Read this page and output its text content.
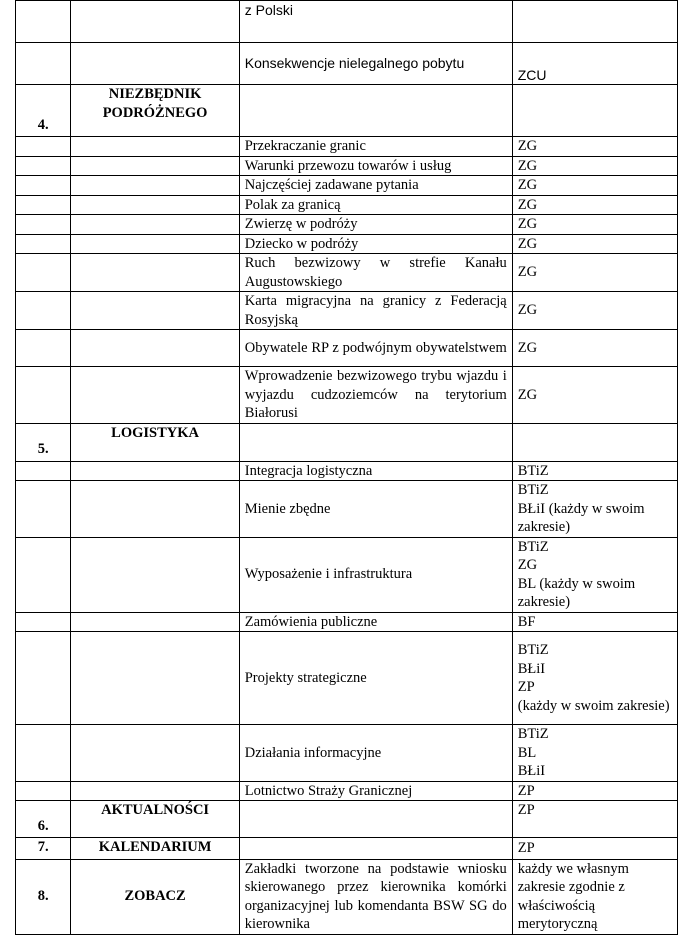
		z Polski	
		Konsekwencje nielegalnego pobytu	ZCU

4.	NIEZBĘDNIK PODRÓŻNEGO		
		Przekraczanie granic	ZG

		Warunki przewozu towarów i usług	ZG

		Najczęściej zadawane pytania	ZG

		Polak za granicą	ZG

		Zwierzę w podróży	ZG

		Dziecko w podróży	ZG

		Ruch bezwizowy w strefie Kanału Augustowskiego	ZG

		Karta migracyjna na granicy z Federacją Rosyjską	ZG

		Obywatele RP z podwójnym obywatelstwem	ZG

		Wprowadzenie bezwizowego trybu wjazdu i wyjazdu cudzoziemców na terytorium Białorusi	ZG

5.	LOGISTYKA		
		Integracja logistyczna	BTiZ

		Mienie zbędne	BTiZ
BŁiI (każdy w swoim zakresie)

		Wyposażenie i infrastruktura	BTiZ
ZG
BL (każdy w swoim zakresie)

		Zamówienia publiczne	BF

		Projekty strategiczne	BTiZ
BŁiI
ZP
(każdy w swoim zakresie)

		Działania informacyjne	BTiZ
BL
BŁiI

		Lotnictwo Straży Granicznej	ZP

6.	AKTUALNOŚCI		ZP

7.	KALENDARIUM		ZP

8.	ZOBACZ	Zakładki tworzone na podstawie wniosku skierowanego przez kierownika komórki organizacyjnej lub komendanta BSW SG do kierownika	każdy we własnym zakresie zgodnie z właściwością merytoryczną
